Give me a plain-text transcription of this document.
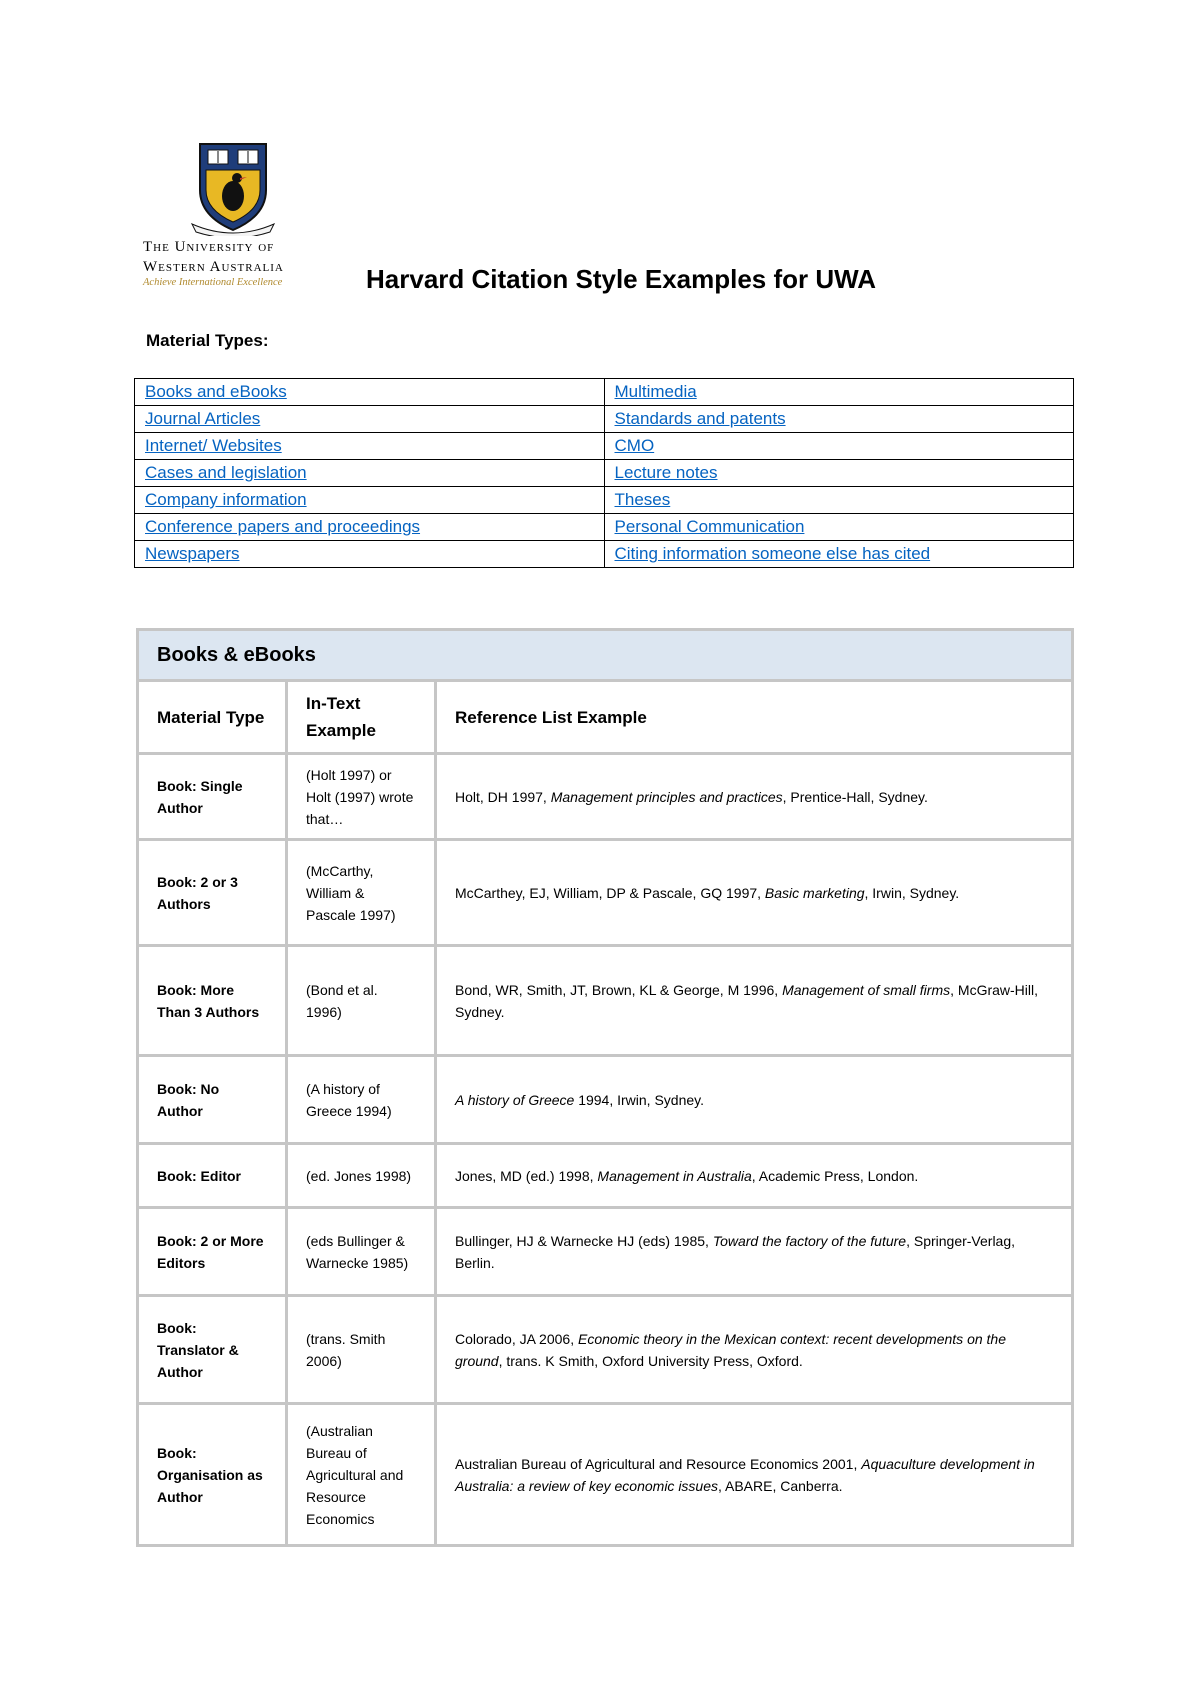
The University of
Western Australia
Achieve International Excellence	Harvard Citation Style Examples for UWA
Material Types:
Books and eBooks	Multimedia
Journal Articles	Standards and patents
Internet/ Websites	CMO
Cases and legislation	Lecture notes
Company information	Theses
Conference papers and proceedings	Personal Communication
Newspapers	Citing information someone else has cited
Books & eBooks		
Material Type	In-Text Example	Reference List Example
Book: Single Author	(Holt 1997) or Holt (1997) wrote that…	Holt, DH 1997, Management principles and practices, Prentice-Hall, Sydney.
Book: 2 or 3 Authors	(McCarthy, William & Pascale 1997)	McCarthey, EJ, William, DP & Pascale, GQ 1997, Basic marketing, Irwin, Sydney.
Book: More Than 3 Authors	(Bond et al. 1996)	Bond, WR, Smith, JT, Brown, KL & George, M 1996, Management of small firms, McGraw-Hill, Sydney.
Book: No Author	(A history of Greece 1994)	A history of Greece 1994, Irwin, Sydney.
Book: Editor	(ed. Jones 1998)	Jones, MD (ed.) 1998, Management in Australia, Academic Press, London.
Book: 2 or More Editors	(eds Bullinger & Warnecke 1985)	Bullinger, HJ & Warnecke HJ (eds) 1985, Toward the factory of the future, Springer-Verlag, Berlin.
Book: Translator & Author	(trans. Smith 2006)	Colorado, JA 2006, Economic theory in the Mexican context: recent developments on the ground, trans. K Smith, Oxford University Press, Oxford.
Book: Organisation as Author	(Australian Bureau of Agricultural and Resource Economics	Australian Bureau of Agricultural and Resource Economics 2001, Aquaculture development in Australia: a review of key economic issues, ABARE, Canberra.
